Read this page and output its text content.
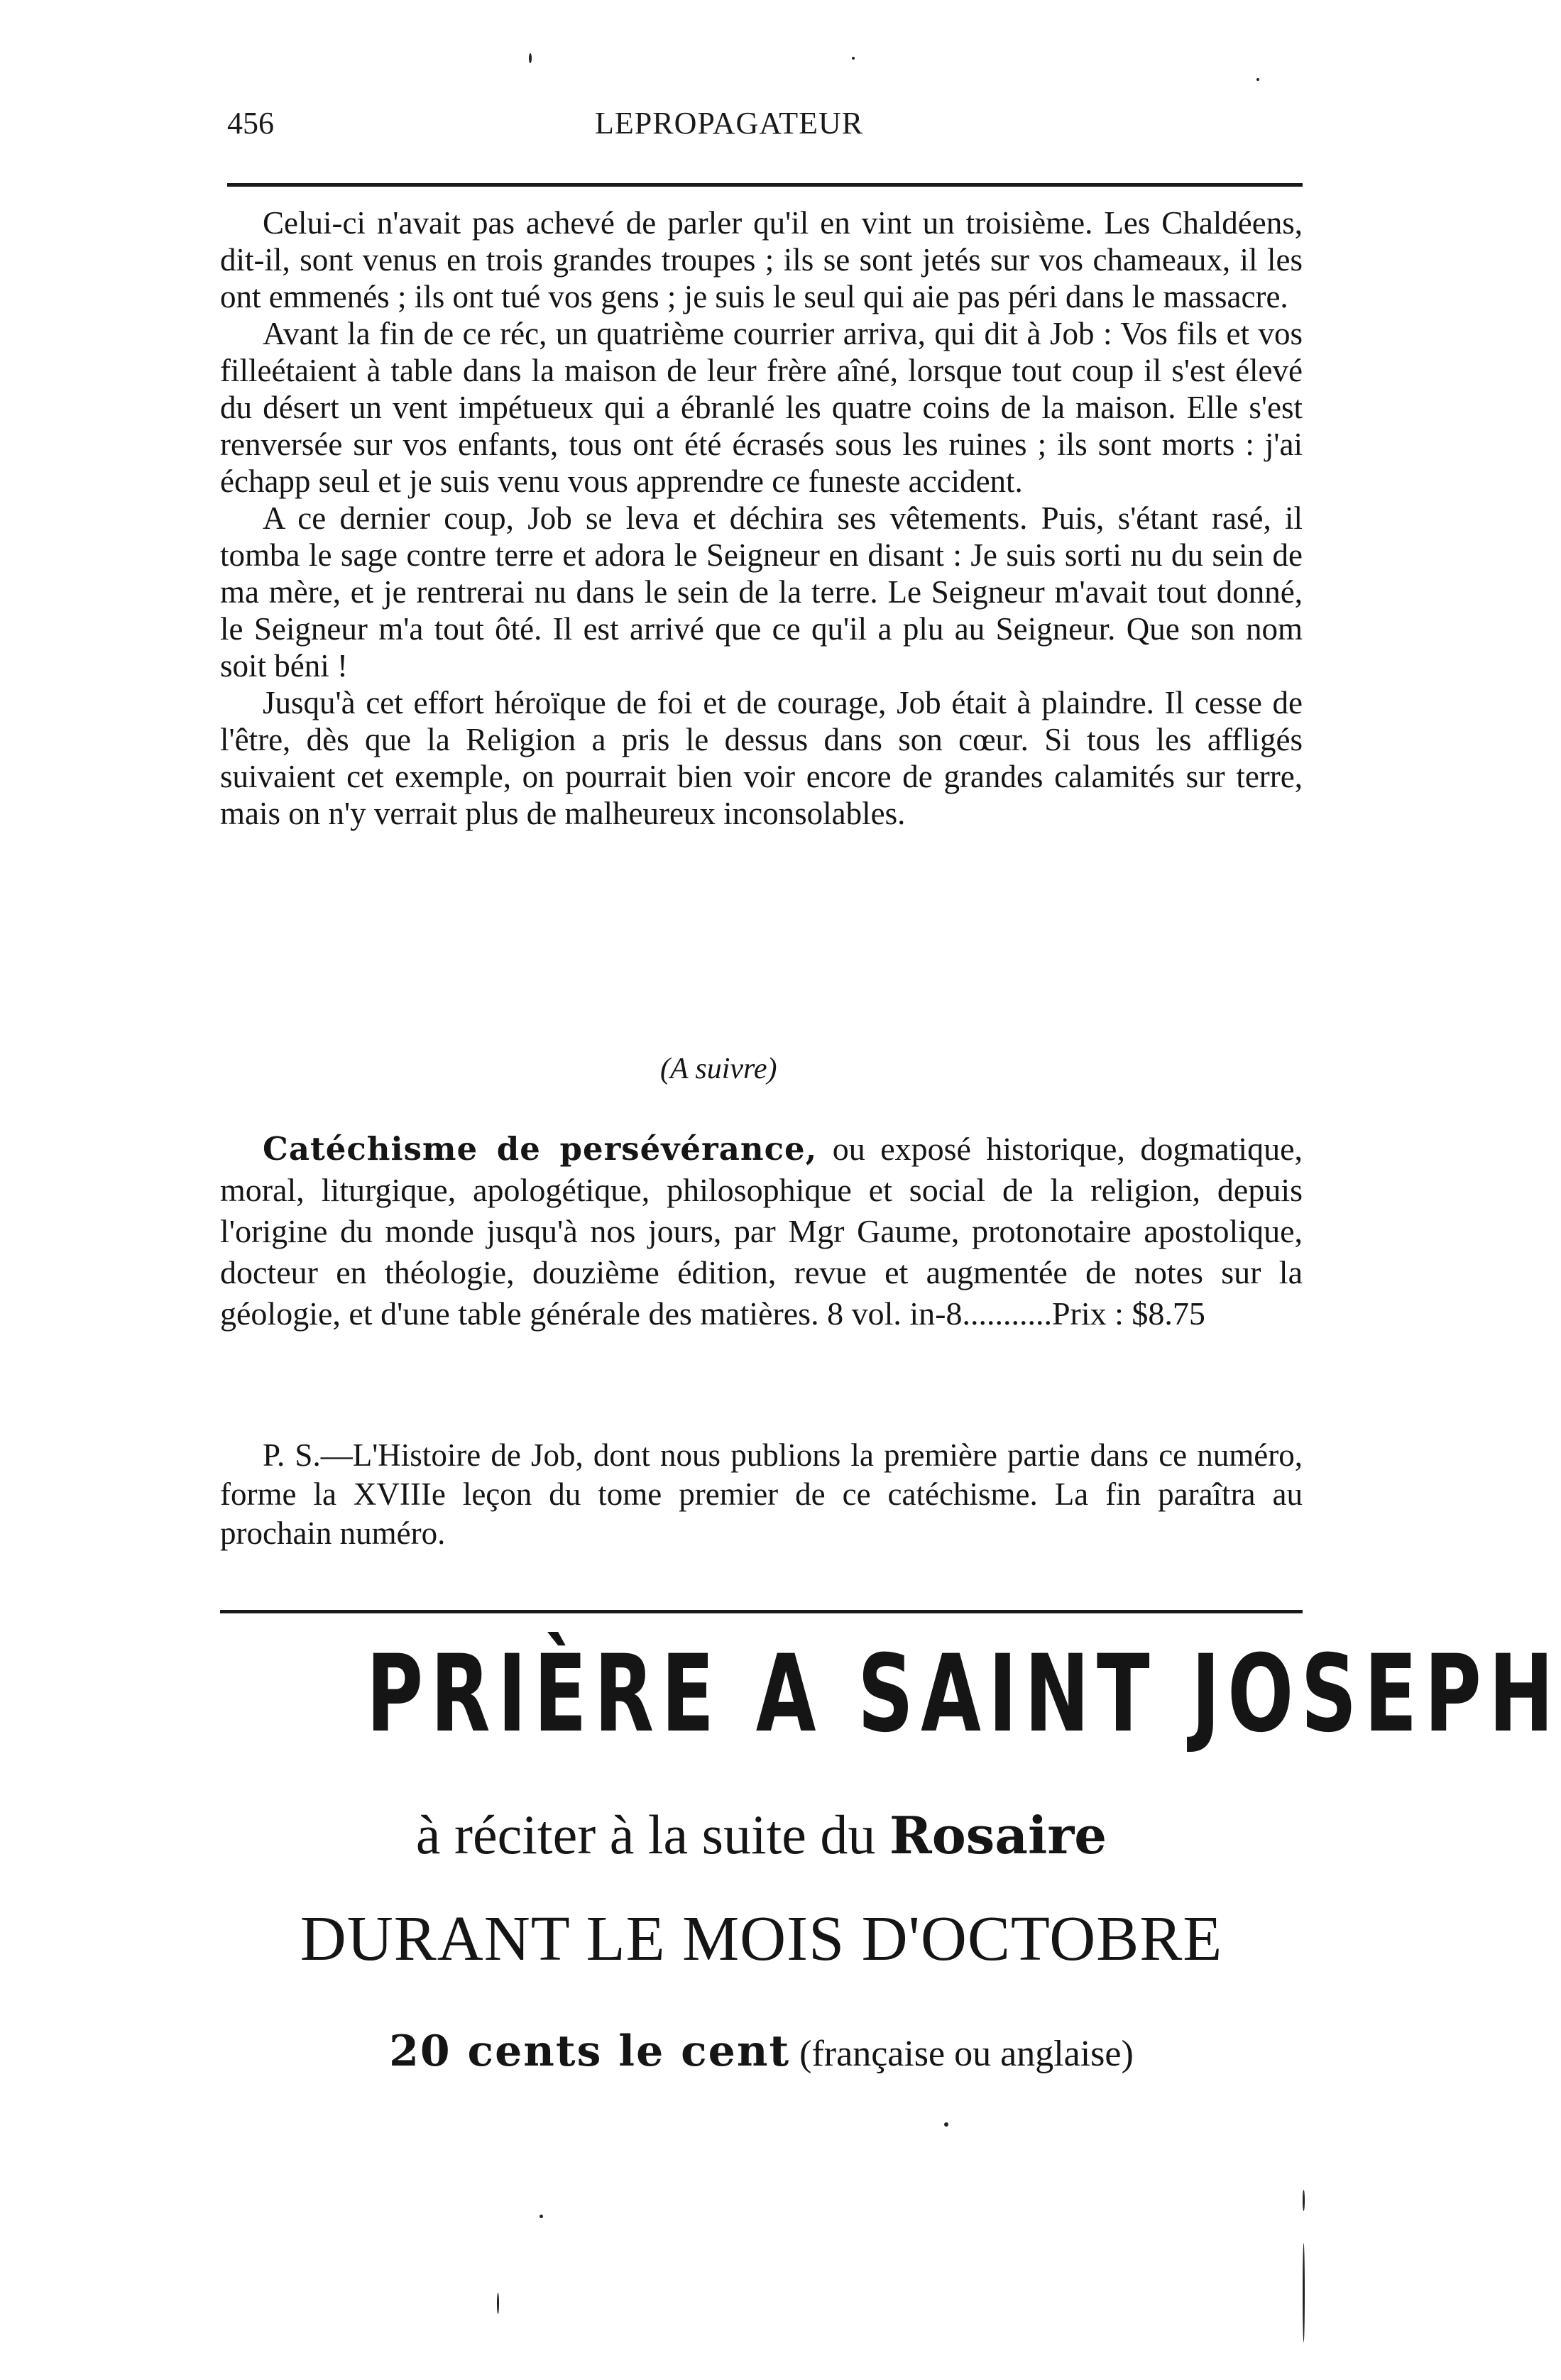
456	LEPROPAGATEUR

Celui-ci n'avait pas achevé de parler qu'il en vint un troisième. Les Chaldéens, dit-il, sont venus en trois grandes troupes ; ils se sont jetés sur vos chameaux, il les ont emmenés ; ils ont tué vos gens ; je suis le seul qui aie pas péri dans le massacre.

Avant la fin de ce réc, un quatrième courrier arriva, qui dit à Job : Vos fils et vos filleétaient à table dans la maison de leur frère aîné, lorsque tout coup il s'est élevé du désert un vent impétueux qui a ébranlé les quatre coins de la maison. Elle s'est renversée sur vos enfants, tous ont été écrasés sous les ruines ; ils sont morts : j'ai échapp seul et je suis venu vous apprendre ce funeste accident.

A ce dernier coup, Job se leva et déchira ses vêtements. Puis, s'étant rasé, il tomba le sage contre terre et adora le Seigneur en disant : Je suis sorti nu du sein de ma mère, et je rentrerai nu dans le sein de la terre. Le Seigneur m'avait tout donné, le Seigneur m'a tout ôté. Il est arrivé que ce qu'il a plu au Seigneur. Que son nom soit béni !

Jusqu'à cet effort héroïque de foi et de courage, Job était à plaindre. Il cesse de l'être, dès que la Religion a pris le dessus dans son cœur. Si tous les affligés suivaient cet exemple, on pourrait bien voir encore de grandes calamités sur terre, mais on n'y verrait plus de malheureux inconsolables.

(A suivre)

Catéchisme de persévérance, ou exposé historique, dogmatique, moral, liturgique, apologétique, philosophique et social de la religion, depuis l'origine du monde jusqu'à nos jours, par Mgr Gaume, protonotaire apostolique, docteur en théologie, douzième édition, revue et augmentée de notes sur la géologie, et d'une table générale des matières. 8 vol. in-8...........Prix : $8.75

P. S.—L'Histoire de Job, dont nous publions la première partie dans ce numéro, forme la XVIIIe leçon du tome premier de ce catéchisme. La fin paraîtra au prochain numéro.

PRIÈRE A SAINT JOSEPH
à réciter à la suite du Rosaire
DURANT LE MOIS D'OCTOBRE
20 cents le cent (française ou anglaise)
